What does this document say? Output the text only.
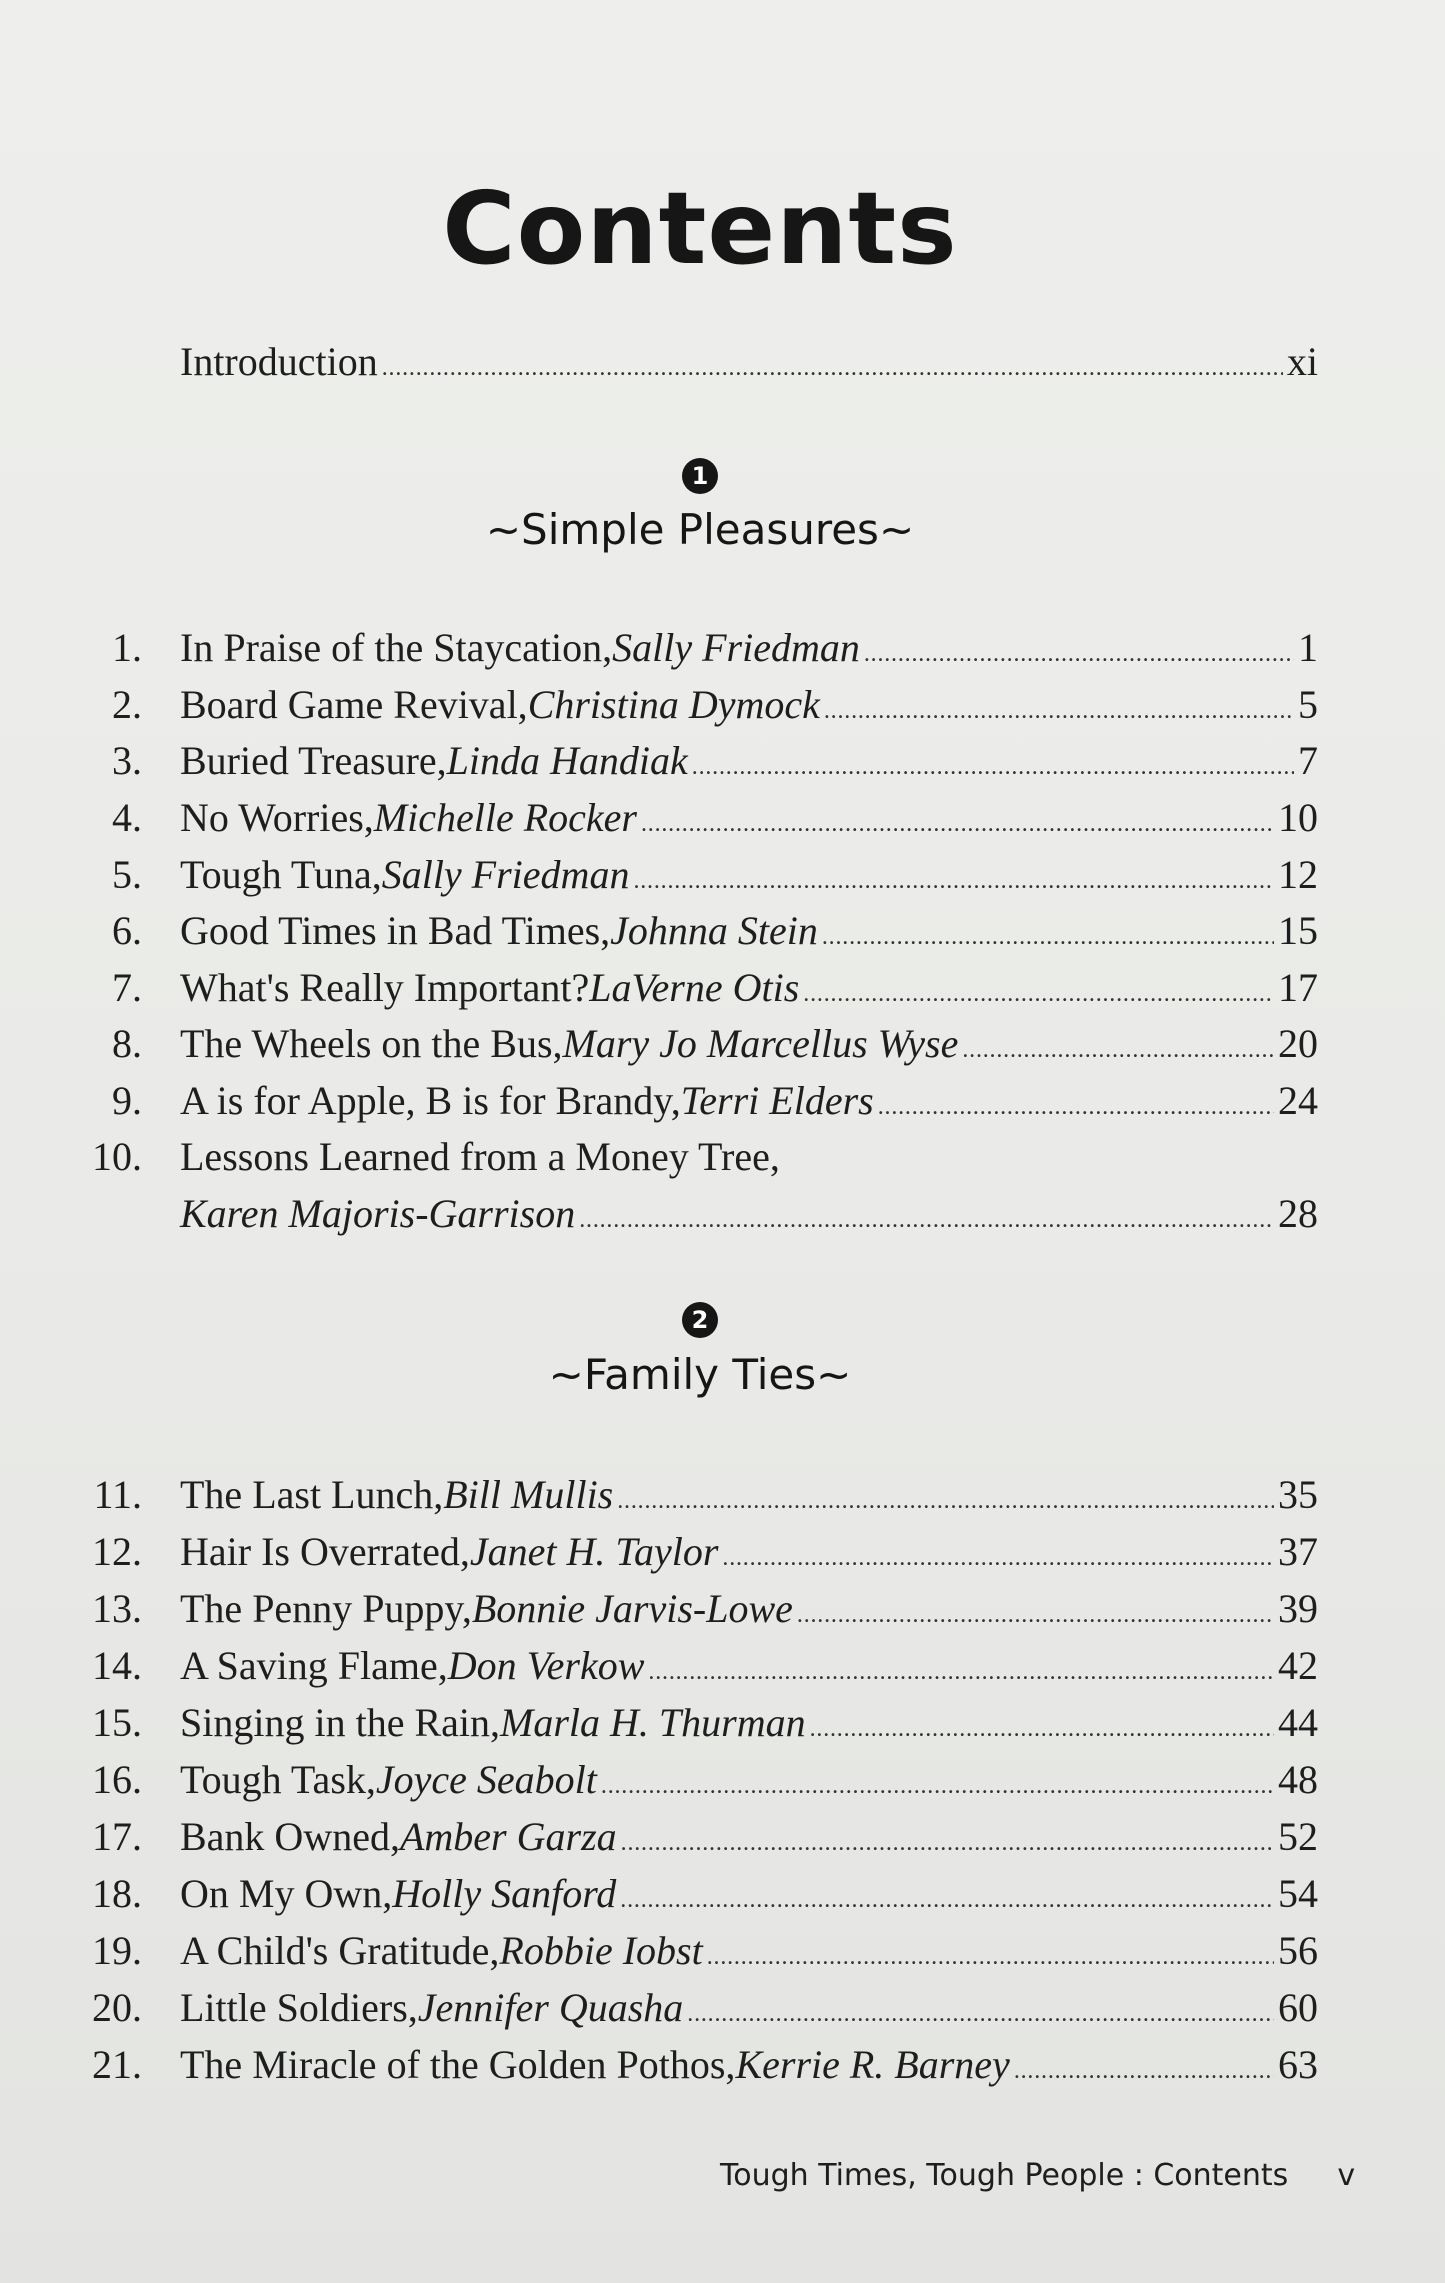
Contents
Introduction . . .	xi
1
~Simple Pleasures~
1. In Praise of the Staycation, Sally Friedman . . .	1
2. Board Game Revival, Christina Dymock . . .	5
3. Buried Treasure, Linda Handiak . . .	7
4. No Worries, Michelle Rocker . . .	10
5. Tough Tuna, Sally Friedman . . .	12
6. Good Times in Bad Times, Johnna Stein . . .	15
7. What's Really Important? LaVerne Otis . . .	17
8. The Wheels on the Bus, Mary Jo Marcellus Wyse . . .	20
9. A is for Apple, B is for Brandy, Terri Elders . . .	24
10. Lessons Learned from a Money Tree,
Karen Majoris-Garrison . . .	28
2
~Family Ties~
11. The Last Lunch, Bill Mullis . . .	35
12. Hair Is Overrated, Janet H. Taylor . . .	37
13. The Penny Puppy, Bonnie Jarvis-Lowe . . .	39
14. A Saving Flame, Don Verkow . . .	42
15. Singing in the Rain, Marla H. Thurman . . .	44
16. Tough Task, Joyce Seabolt . . .	48
17. Bank Owned, Amber Garza . . .	52
18. On My Own, Holly Sanford . . .	54
19. A Child's Gratitude, Robbie Iobst . . .	56
20. Little Soldiers, Jennifer Quasha . . .	60
21. The Miracle of the Golden Pothos, Kerrie R. Barney . . .	63
Tough Times, Tough People : Contents v
